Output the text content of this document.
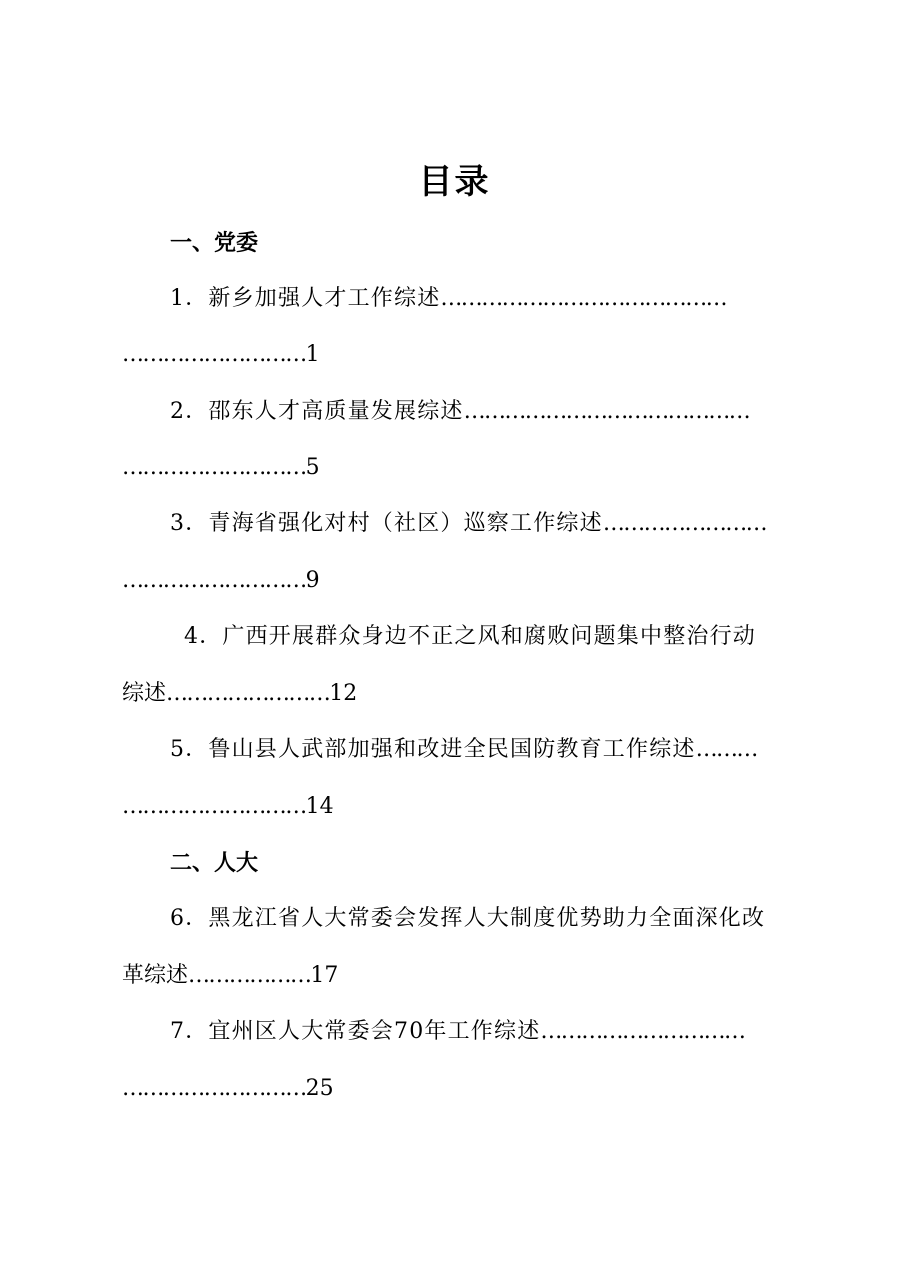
目录
一、党委
1．新乡加强人才工作综述……………………………………
………………………1
2．邵东人才高质量发展综述……………………………………
………………………5
3．青海省强化对村（社区）巡察工作综述……………………
………………………9
4．广西开展群众身边不正之风和腐败问题集中整治行动
综述……………………12
5．鲁山县人武部加强和改进全民国防教育工作综述………
………………………14
二、人大
6．黑龙江省人大常委会发挥人大制度优势助力全面深化改
革综述………………17
7．宜州区人大常委会70年工作综述…………………………
………………………25
